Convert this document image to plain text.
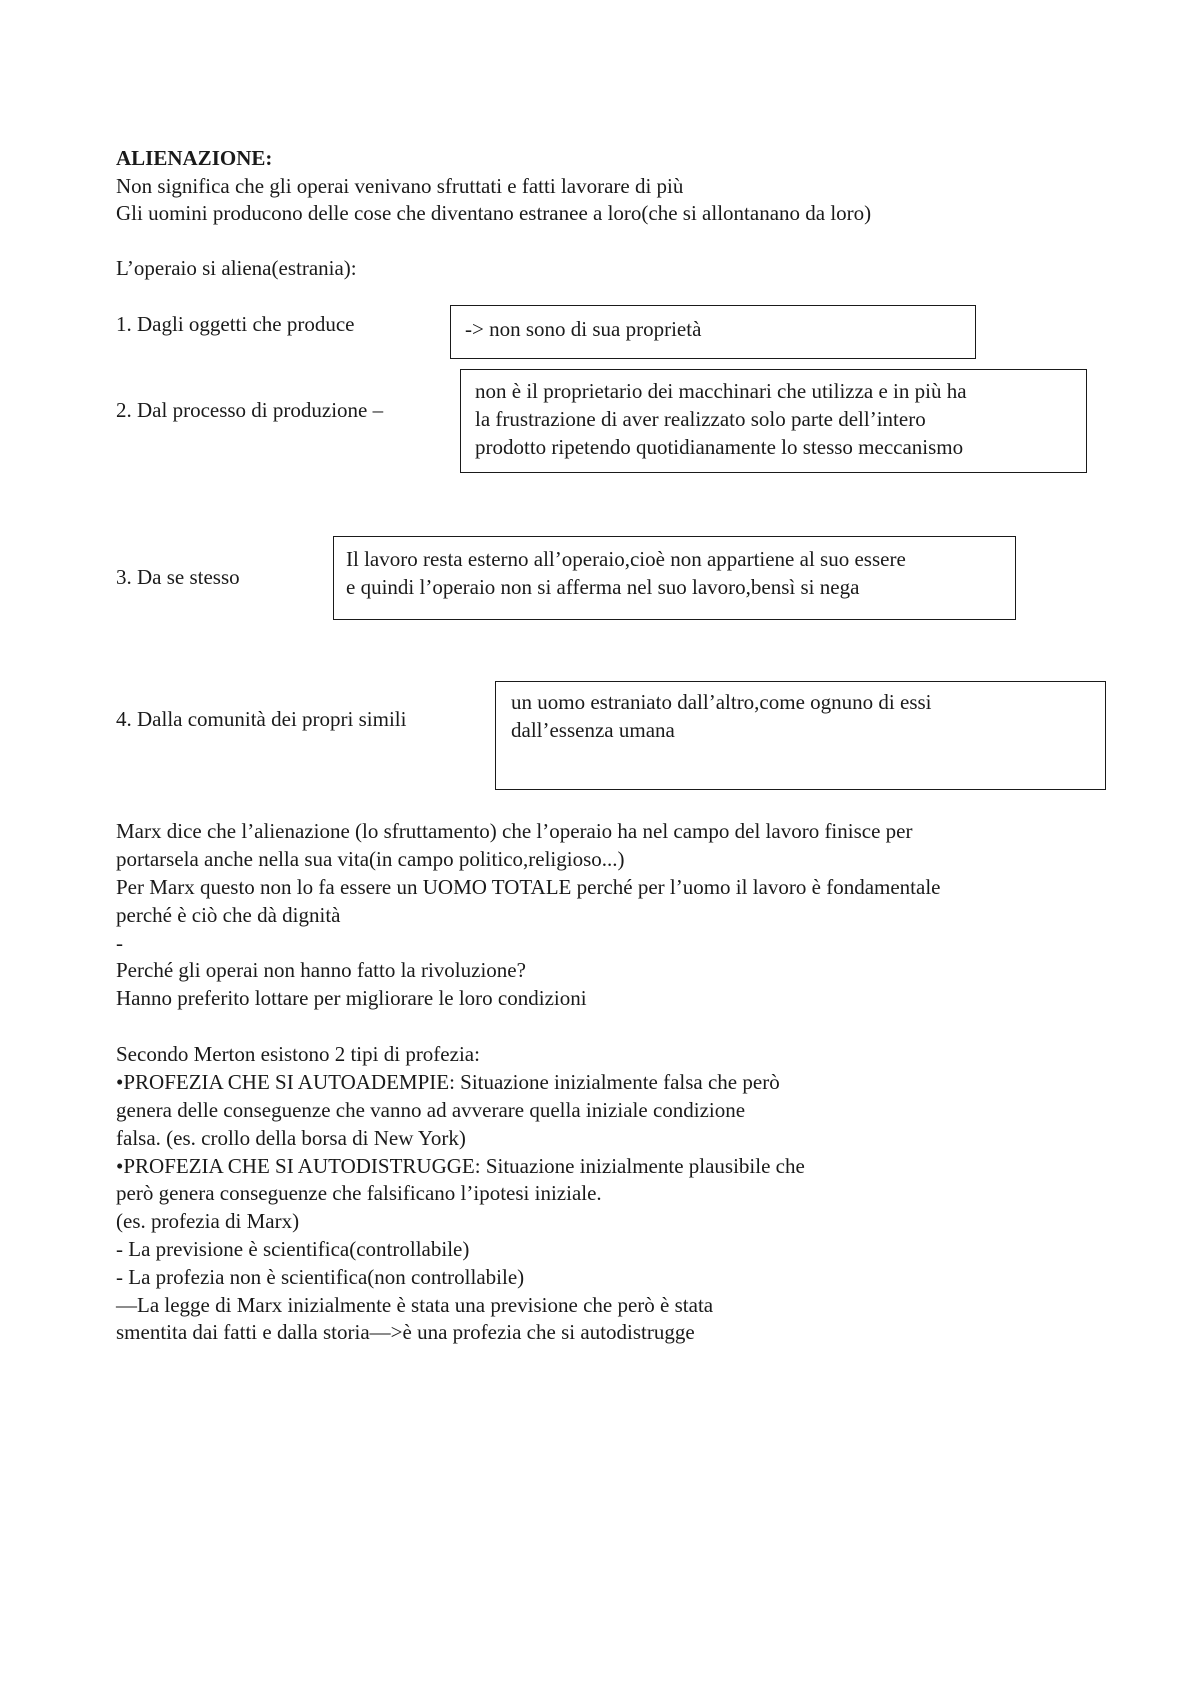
ALIENAZIONE:
Non significa che gli operai venivano sfruttati e fatti lavorare di più
Gli uomini producono delle cose che diventano estranee a loro(che si allontanano da loro)
L’operaio si aliena(estrania):
1. Dagli oggetti che produce	-> non sono di sua proprietà
2. Dal processo di produzione –
non è il proprietario dei macchinari che utilizza e in più ha
la frustrazione di aver realizzato solo parte dell’intero
prodotto ripetendo quotidianamente lo stesso meccanismo
3. Da se stesso
Il lavoro resta esterno all’operaio,cioè non appartiene al suo essere
e quindi l’operaio non si afferma nel suo lavoro,bensì si nega
4. Dalla comunità dei propri simili
un uomo estraniato dall’altro,come ognuno di essi
dall’essenza umana
Marx dice che l’alienazione (lo sfruttamento) che l’operaio ha nel campo del lavoro finisce per
portarsela anche nella sua vita(in campo politico,religioso...)
Per Marx questo non lo fa essere un UOMO TOTALE perché per l’uomo il lavoro è fondamentale
perché è ciò che dà dignità
-
Perché gli operai non hanno fatto la rivoluzione?
Hanno preferito lottare per migliorare le loro condizioni
Secondo Merton esistono 2 tipi di profezia:
•PROFEZIA CHE SI AUTOADEMPIE: Situazione inizialmente falsa che però
genera delle conseguenze che vanno ad avverare quella iniziale condizione
falsa. (es. crollo della borsa di New York)
•PROFEZIA CHE SI AUTODISTRUGGE: Situazione inizialmente plausibile che
però genera conseguenze che falsificano l’ipotesi iniziale.
(es. profezia di Marx)
- La previsione è scientifica(controllabile)
- La profezia non è scientifica(non controllabile)
—La legge di Marx inizialmente è stata una previsione che però è stata
smentita dai fatti e dalla storia—>è una profezia che si autodistrugge
